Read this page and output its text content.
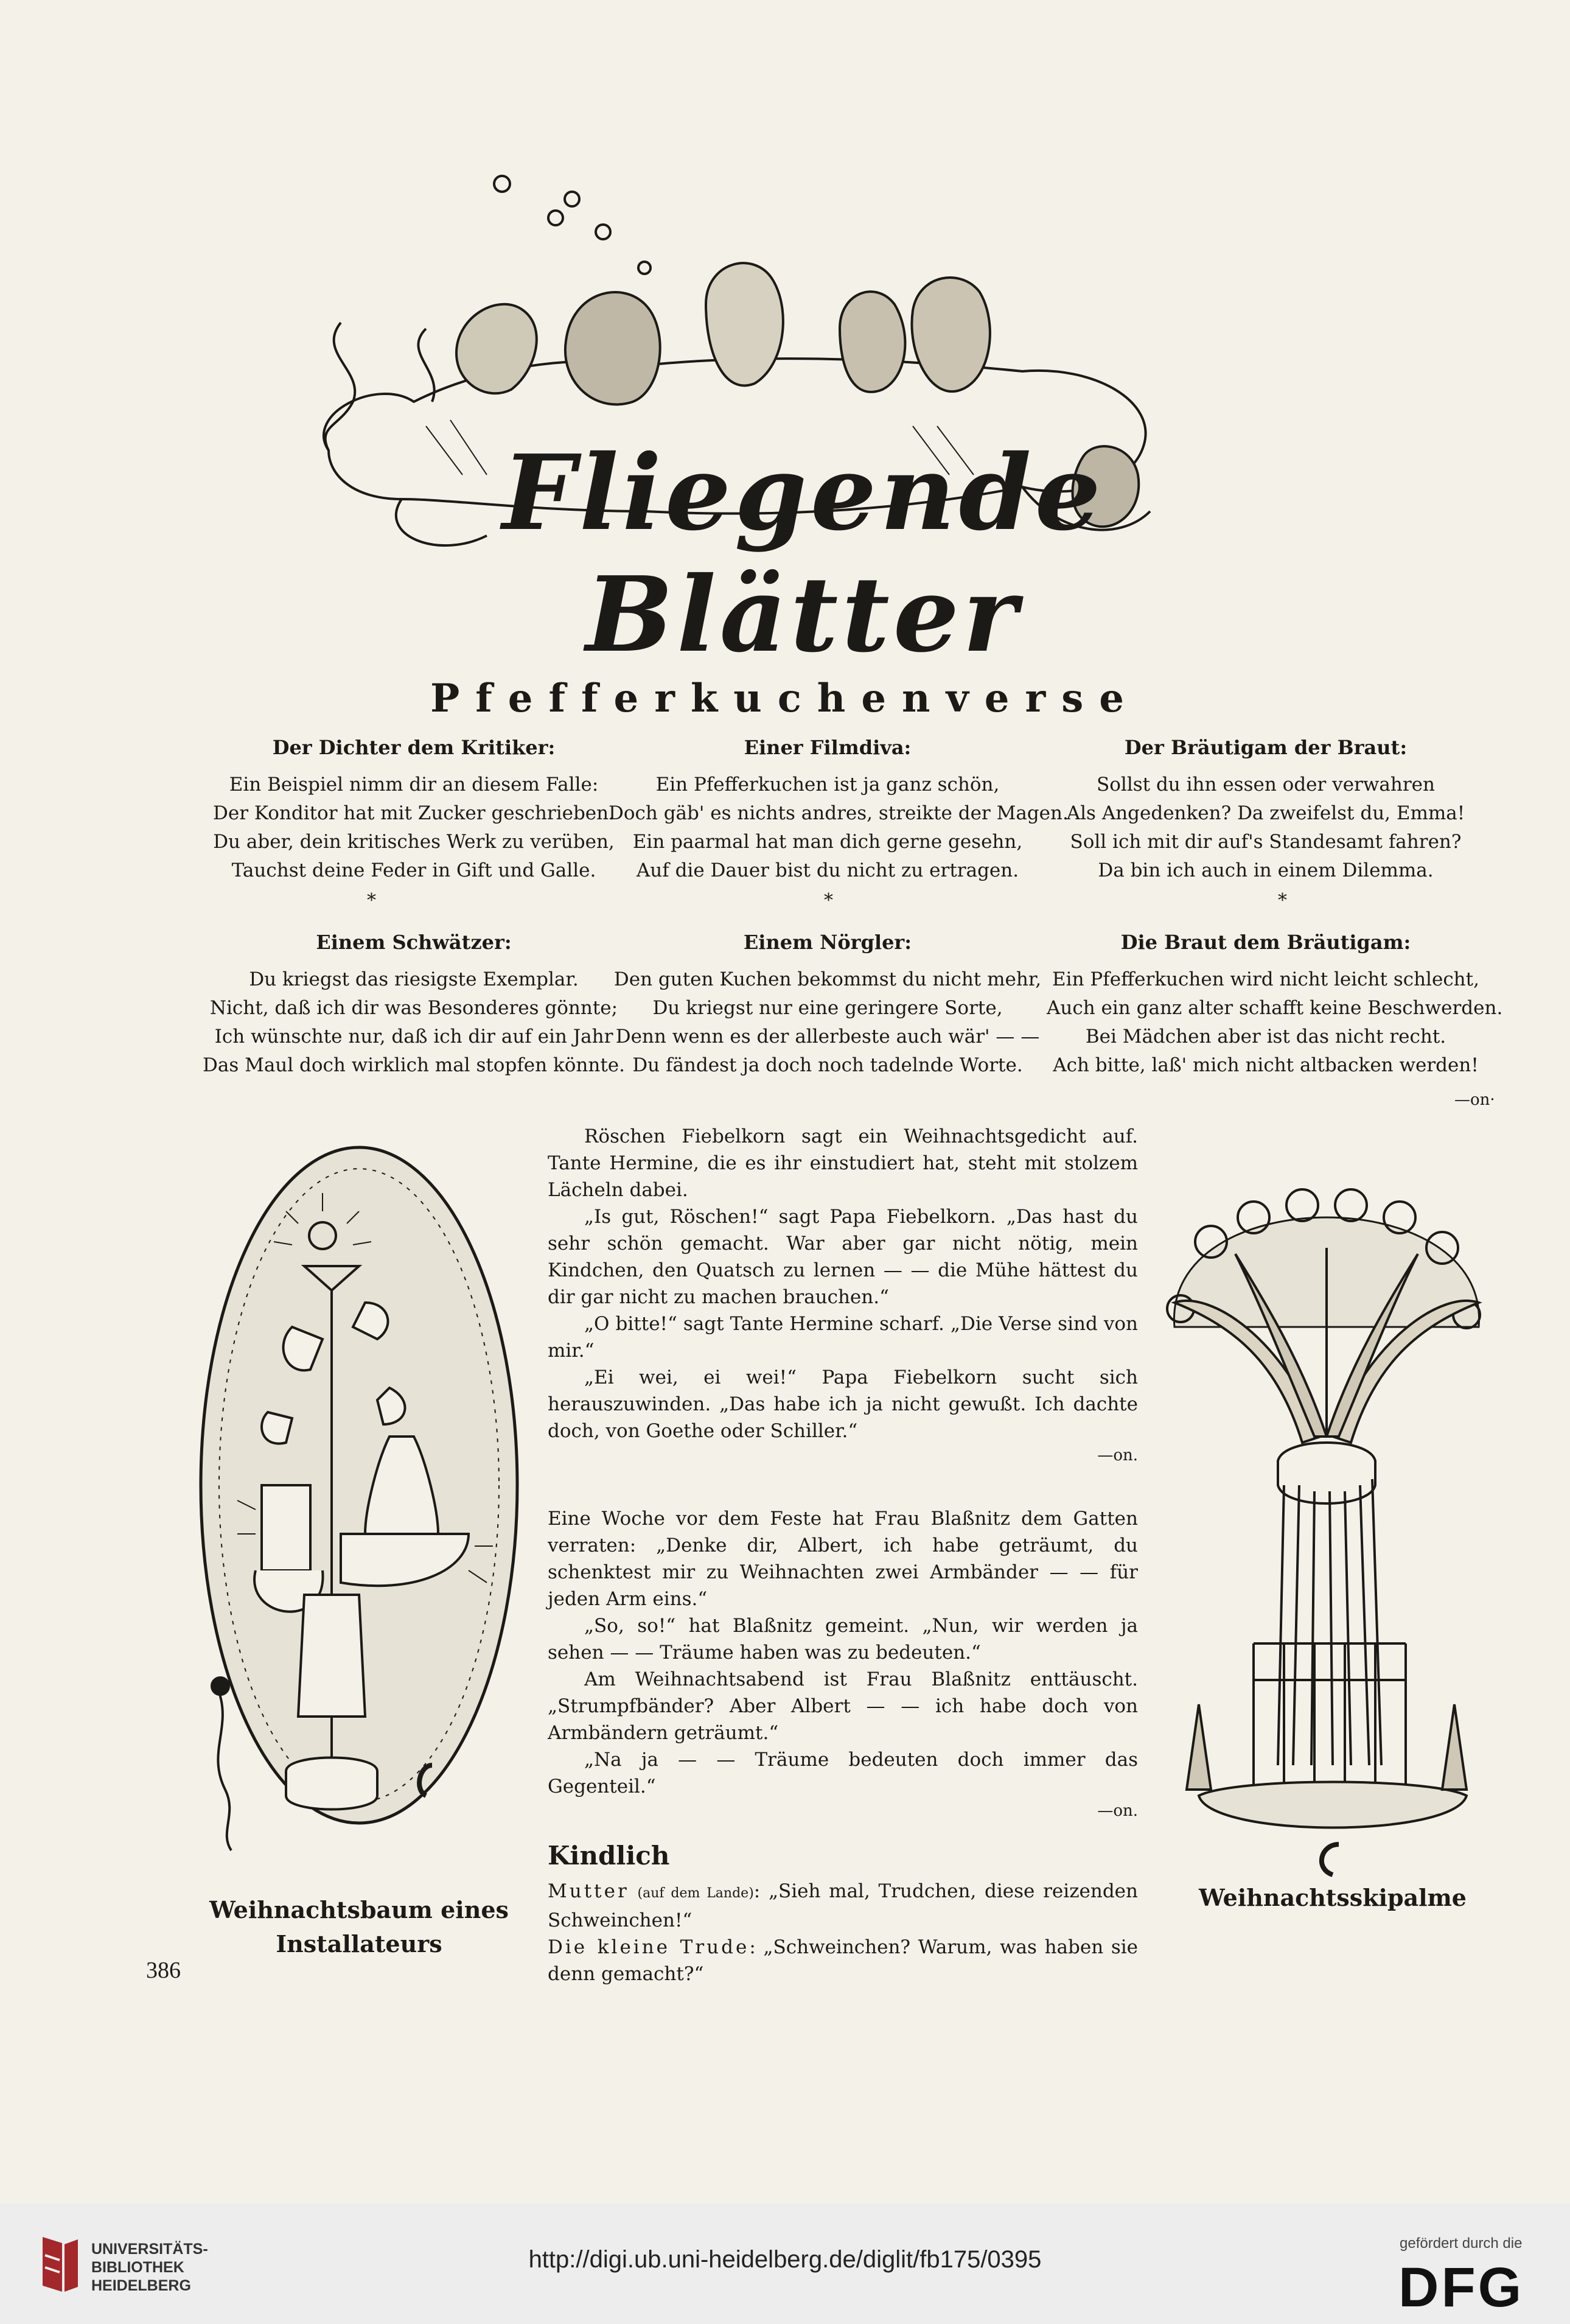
Fliegende Blätter
Pfefferkuchenverse
Der Dichter dem Kritiker:
Ein Beispiel nimm dir an diesem Falle:
Der Konditor hat mit Zucker geschrieben.
Du aber, dein kritisches Werk zu verüben,
Tauchst deine Feder in Gift und Galle.
Einer Filmdiva:
Ein Pfefferkuchen ist ja ganz schön,
Doch gäb' es nichts andres, streikte der Magen.
Ein paarmal hat man dich gerne gesehn,
Auf die Dauer bist du nicht zu ertragen.
Der Bräutigam der Braut:
Sollst du ihn essen oder verwahren
Als Angedenken? Da zweifelst du, Emma!
Soll ich mit dir auf's Standesamt fahren?
Da bin ich auch in einem Dilemma.
*	*	*
Einem Schwätzer:
Du kriegst das riesigste Exemplar.
Nicht, daß ich dir was Besonderes gönnte;
Ich wünschte nur, daß ich dir auf ein Jahr
Das Maul doch wirklich mal stopfen könnte.
Einem Nörgler:
Den guten Kuchen bekommst du nicht mehr,
Du kriegst nur eine geringere Sorte,
Denn wenn es der allerbeste auch wär' — —
Du fändest ja doch noch tadelnde Worte.
Die Braut dem Bräutigam:
Ein Pfefferkuchen wird nicht leicht schlecht,
Auch ein ganz alter schafft keine Beschwerden.
Bei Mädchen aber ist das nicht recht.
Ach bitte, laß' mich nicht altbacken werden!
—on·
Weihnachtsbaum eines
Installateurs

Röschen Fiebelkorn sagt ein Weihnachtsgedicht auf. Tante Hermine, die es ihr einstudiert hat, steht mit stolzem Lächeln dabei.

„Is gut, Röschen!“ sagt Papa Fiebelkorn. „Das hast du sehr schön gemacht. War aber gar nicht nötig, mein Kindchen, den Quatsch zu lernen — — die Mühe hättest du dir gar nicht zu machen brauchen.“

„O bitte!“ sagt Tante Hermine scharf. „Die Verse sind von mir.“

„Ei wei, ei wei!“ Papa Fiebelkorn sucht sich herauszuwinden. „Das habe ich ja nicht gewußt. Ich dachte doch, von Goethe oder Schiller.“

—on.

Eine Woche vor dem Feste hat Frau Blaßnitz dem Gatten verraten: „Denke dir, Albert, ich habe geträumt, du schenktest mir zu Weihnachten zwei Armbänder — — für jeden Arm eins.“

„So, so!“ hat Blaßnitz gemeint. „Nun, wir werden ja sehen — — Träume haben was zu bedeuten.“

Am Weihnachtsabend ist Frau Blaßnitz enttäuscht. „Strumpfbänder? Aber Albert — — ich habe doch von Armbändern geträumt.“

„Na ja — — Träume bedeuten doch immer das Gegenteil.“

—on.

Kindlich

Mutter (auf dem Lande): „Sieh mal, Trudchen, diese reizenden Schweinchen!“

Die kleine Trude: „Schweinchen? Warum, was haben sie denn gemacht?“

Weihnachtsskipalme
386
UNIVERSITÄTS-
BIBLIOTHEK
HEIDELBERG
http://digi.ub.uni-heidelberg.de/diglit/fb175/0395
gefördert durch die
DFG
